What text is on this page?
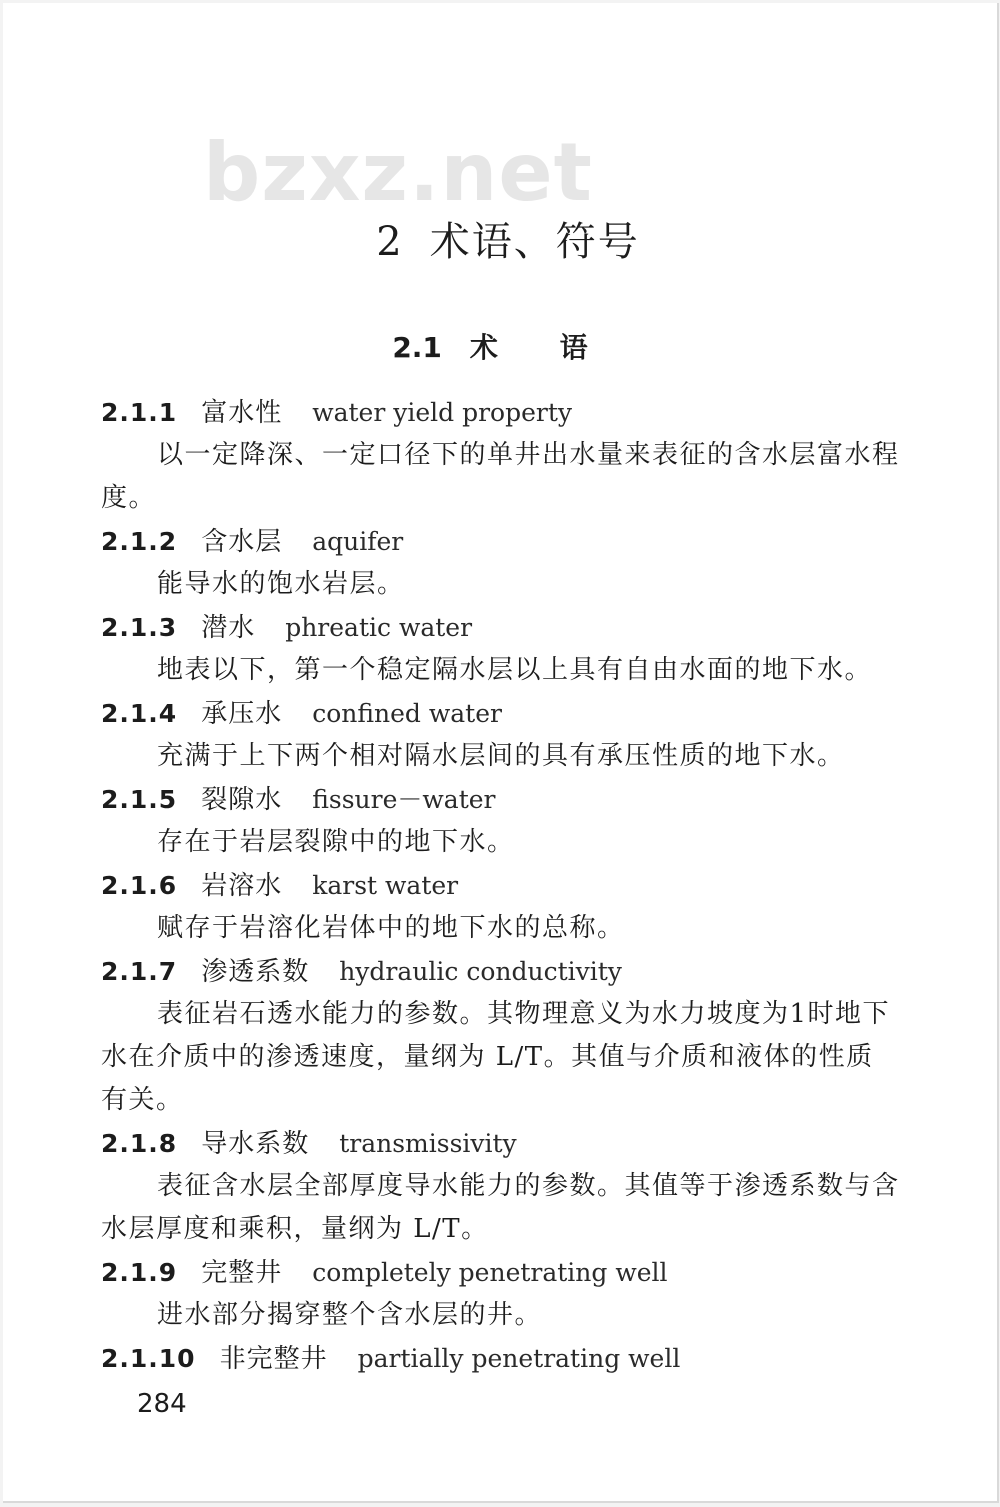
bzxz.net
2 术语、符号
2.1 术 语
2.1.1 富水性 water yield property

以一定降深、一定口径下的单井出水量来表征的含水层富水程度。

2.1.2 含水层 aquifer

能导水的饱水岩层。

2.1.3 潜水 phreatic water

地表以下，第一个稳定隔水层以上具有自由水面的地下水。

2.1.4 承压水 confined water

充满于上下两个相对隔水层间的具有承压性质的地下水。

2.1.5 裂隙水 fissure－water

存在于岩层裂隙中的地下水。

2.1.6 岩溶水 karst water

赋存于岩溶化岩体中的地下水的总称。

2.1.7 渗透系数 hydraulic conductivity

表征岩石透水能力的参数。其物理意义为水力坡度为1时地下水在介质中的渗透速度，量纲为 L/T。其值与介质和液体的性质有关。

2.1.8 导水系数 transmissivity

表征含水层全部厚度导水能力的参数。其值等于渗透系数与含水层厚度和乘积，量纲为 L/T。

2.1.9 完整井 completely penetrating well

进水部分揭穿整个含水层的井。

2.1.10 非完整井 partially penetrating well
284
